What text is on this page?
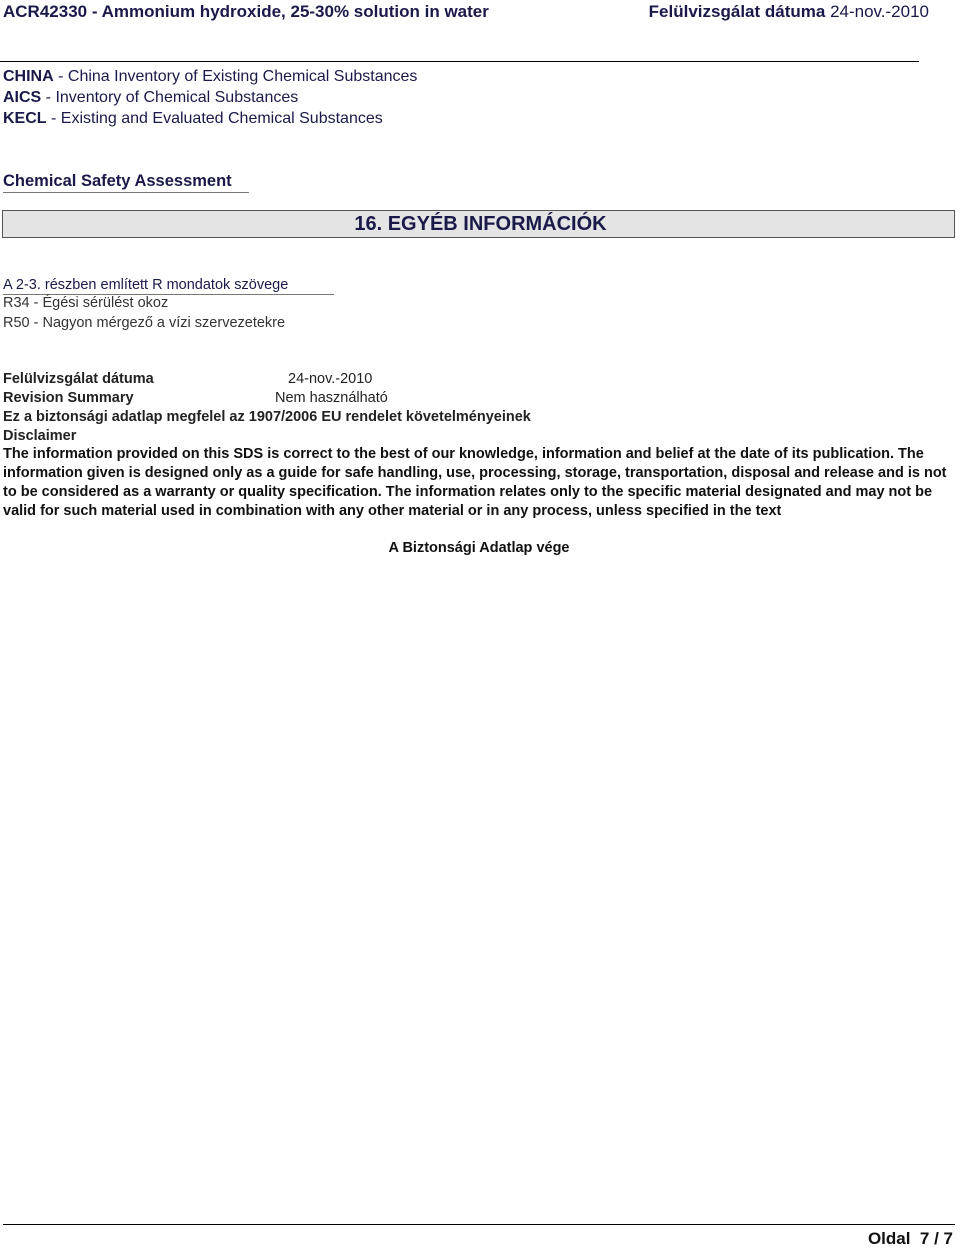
ACR42330 - Ammonium hydroxide, 25-30% solution in water	Felülvizsgálat dátuma 24-nov.-2010
CHINA - China Inventory of Existing Chemical Substances
AICS - Inventory of Chemical Substances
KECL - Existing and Evaluated Chemical Substances
Chemical Safety Assessment
16. EGYÉB INFORMÁCIÓK
A 2-3. részben említett R mondatok szövege
R34 - Égési sérülést okoz
R50 - Nagyon mérgező a vízi szervezetekre
Felülvizsgálat dátuma	24-nov.-2010
Revision Summary	Nem használható
Ez a biztonsági adatlap megfelel az 1907/2006 EU rendelet követelményeinek
Disclaimer
The information provided on this SDS is correct to the best of our knowledge, information and belief at the date of its publication. The information given is designed only as a guide for safe handling, use, processing, storage, transportation, disposal and release and is not to be considered as a warranty or quality specification. The information relates only to the specific material designated and may not be valid for such material used in combination with any other material or in any process, unless specified in the text
A Biztonsági Adatlap vége
Oldal 7 / 7
